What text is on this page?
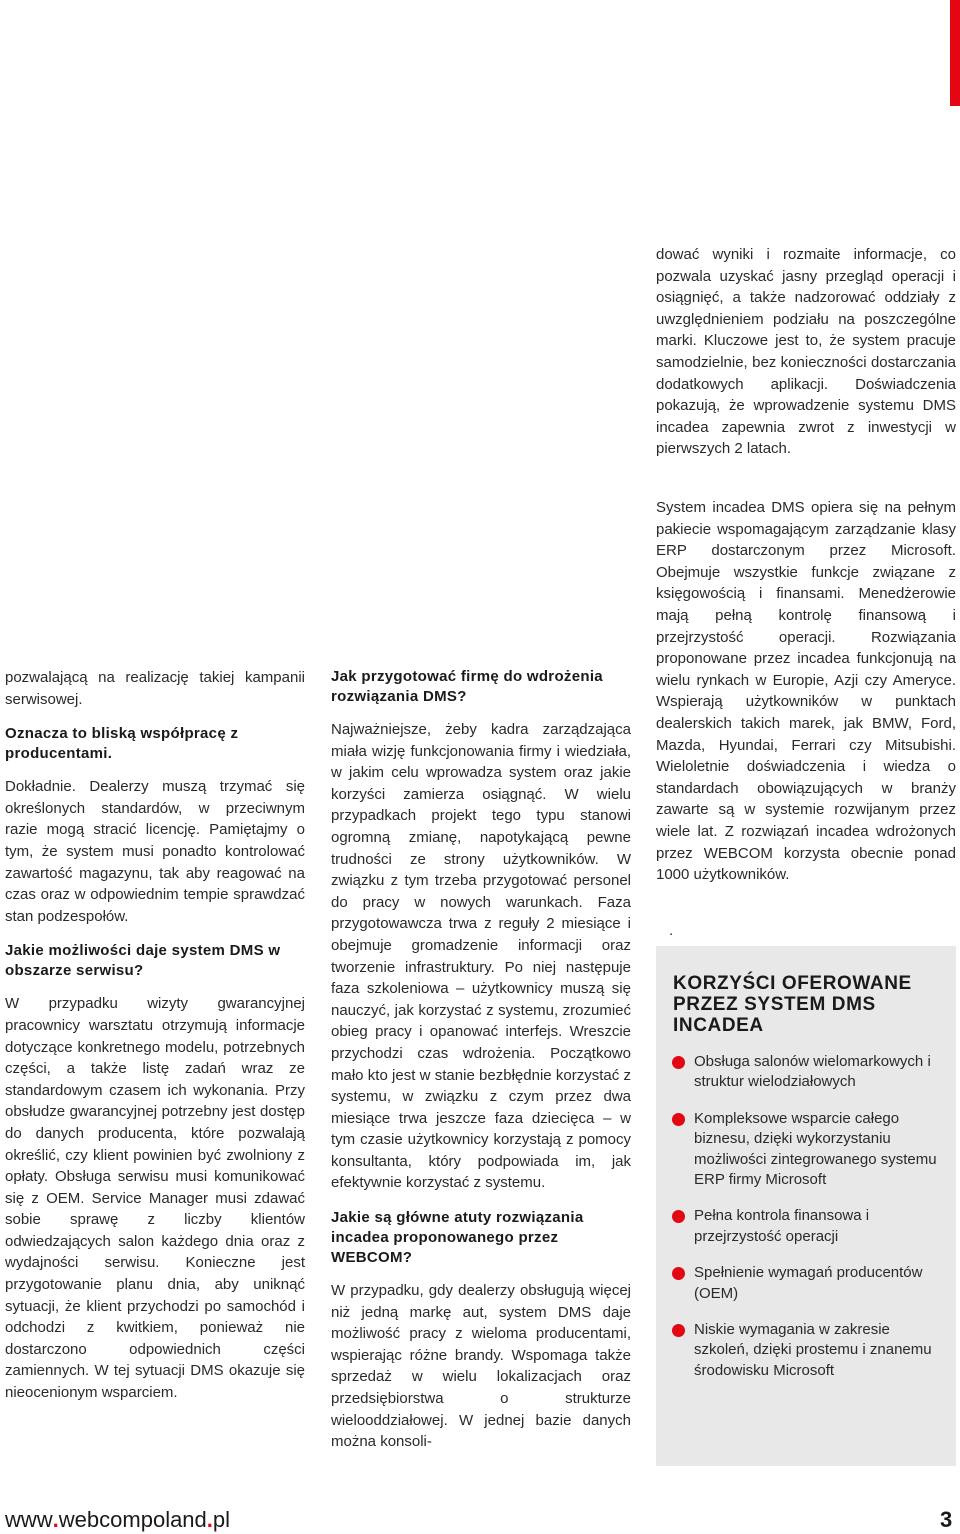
pozwalającą na realizację takiej kampanii serwisowej.

Oznacza to bliską współpracę z producentami.

Dokładnie. Dealerzy muszą trzymać się określonych standardów, w przeciwnym razie mogą stracić licencję. Pamiętajmy o tym, że system musi ponadto kontrolować zawartość magazynu, tak aby reagować na czas oraz w odpowiednim tempie sprawdzać stan podzespołów.

Jakie możliwości daje system DMS w obszarze serwisu?

W przypadku wizyty gwarancyjnej pracownicy warsztatu otrzymują informacje dotyczące konkretnego modelu, potrzebnych części, a także listę zadań wraz ze standardowym czasem ich wykonania. Przy obsłudze gwarancyjnej potrzebny jest dostęp do danych producenta, które pozwalają określić, czy klient powinien być zwolniony z opłaty. Obsługa serwisu musi komunikować się z OEM. Service Manager musi zdawać sobie sprawę z liczby klientów odwiedzających salon każdego dnia oraz z wydajności serwisu. Konieczne jest przygotowanie planu dnia, aby uniknąć sytuacji, że klient przychodzi po samochód i odchodzi z kwitkiem, ponieważ nie dostarczono odpowiednich części zamiennych. W tej sytuacji DMS okazuje się nieocenionym wsparciem.

Jak przygotować firmę do wdrożenia rozwiązania DMS?

Najważniejsze, żeby kadra zarządzająca miała wizję funkcjonowania firmy i wiedziała, w jakim celu wprowadza system oraz jakie korzyści zamierza osiągnąć. W wielu przypadkach projekt tego typu stanowi ogromną zmianę, napotykającą pewne trudności ze strony użytkowników. W związku z tym trzeba przygotować personel do pracy w nowych warunkach. Faza przygotowawcza trwa z reguły 2 miesiące i obejmuje gromadzenie informacji oraz tworzenie infrastruktury. Po niej następuje faza szkoleniowa – użytkownicy muszą się nauczyć, jak korzystać z systemu, zrozumieć obieg pracy i opanować interfejs. Wreszcie przychodzi czas wdrożenia. Początkowo mało kto jest w stanie bezbłędnie korzystać z systemu, w związku z czym przez dwa miesiące trwa jeszcze faza dziecięca – w tym czasie użytkownicy korzystają z pomocy konsultanta, który podpowiada im, jak efektywnie korzystać z systemu.

Jakie są główne atuty rozwiązania incadea proponowanego przez WEBCOM?

W przypadku, gdy dealerzy obsługują więcej niż jedną markę aut, system DMS daje możliwość pracy z wieloma producentami, wspierając różne brandy. Wspomaga także sprzedaż w wielu lokalizacjach oraz przedsiębiorstwa o strukturze wielooddziałowej. W jednej bazie danych można konsoli-

dować wyniki i rozmaite informacje, co pozwala uzyskać jasny przegląd operacji i osiągnięć, a także nadzorować oddziały z uwzględnieniem podziału na poszczególne marki. Kluczowe jest to, że system pracuje samodzielnie, bez konieczności dostarczania dodatkowych aplikacji. Doświadczenia pokazują, że wprowadzenie systemu DMS incadea zapewnia zwrot z inwestycji w pierwszych 2 latach.

System incadea DMS opiera się na pełnym pakiecie wspomagającym zarządzanie klasy ERP dostarczonym przez Microsoft. Obejmuje wszystkie funkcje związane z księgowością i finansami. Menedżerowie mają pełną kontrolę finansową i przejrzystość operacji. Rozwiązania proponowane przez incadea funkcjonują na wielu rynkach w Europie, Azji czy Ameryce. Wspierają użytkowników w punktach dealerskich takich marek, jak BMW, Ford, Mazda, Hyundai, Ferrari czy Mitsubishi. Wieloletnie doświadczenia i wiedza o standardach obowiązujących w branży zawarte są w systemie rozwijanym przez wiele lat. Z rozwiązań incadea wdrożonych przez WEBCOM korzysta obecnie ponad 1000 użytkowników.

.
KORZYŚCI OFEROWANE PRZEZ SYSTEM DMS INCADEA
Obsługa salonów wielomarkowych i struktur wielodziałowych
Kompleksowe wsparcie całego biznesu, dzięki wykorzystaniu możliwości zintegrowanego systemu ERP firmy Microsoft
Pełna kontrola finansowa i przejrzystość operacji
Spełnienie wymagań producentów (OEM)
Niskie wymagania w zakresie szkoleń, dzięki prostemu i znanemu środowisku Microsoft
www.webcompoland.pl	3
